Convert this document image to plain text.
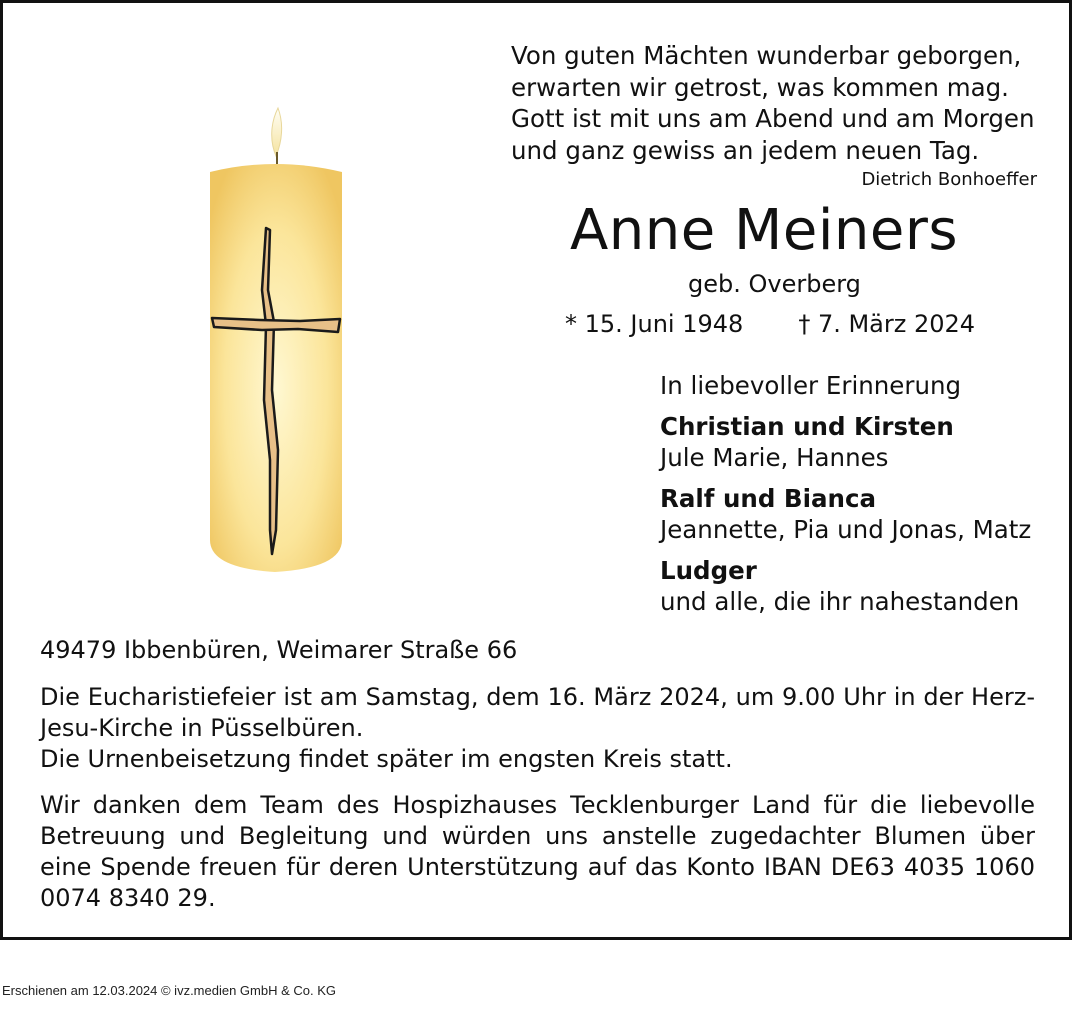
Von guten Mächten wunderbar geborgen,
erwarten wir getrost, was kommen mag.
Gott ist mit uns am Abend und am Morgen
und ganz gewiss an jedem neuen Tag.
Dietrich Bonhoeffer
Anne Meiners
geb. Overberg
* 15. Juni 1948 † 7. März 2024
In liebevoller Erinnerung
Christian und Kirsten
Jule Marie, Hannes
Ralf und Bianca
Jeannette, Pia und Jonas, Matz
Ludger
und alle, die ihr nahestanden
49479 Ibbenbüren, Weimarer Straße 66
Die Eucharistiefeier ist am Samstag, dem 16. März 2024, um 9.00 Uhr in der Herz-Jesu-Kirche in Püsselbüren.
Die Urnenbeisetzung findet später im engsten Kreis statt.
Wir danken dem Team des Hospizhauses Tecklenburger Land für die liebevolle Betreuung und Begleitung und würden uns anstelle zugedachter Blumen über eine Spende freuen für deren Unterstützung auf das Konto IBAN DE63 4035 1060 0074 8340 29.
Erschienen am 12.03.2024 © ivz.medien GmbH & Co. KG
